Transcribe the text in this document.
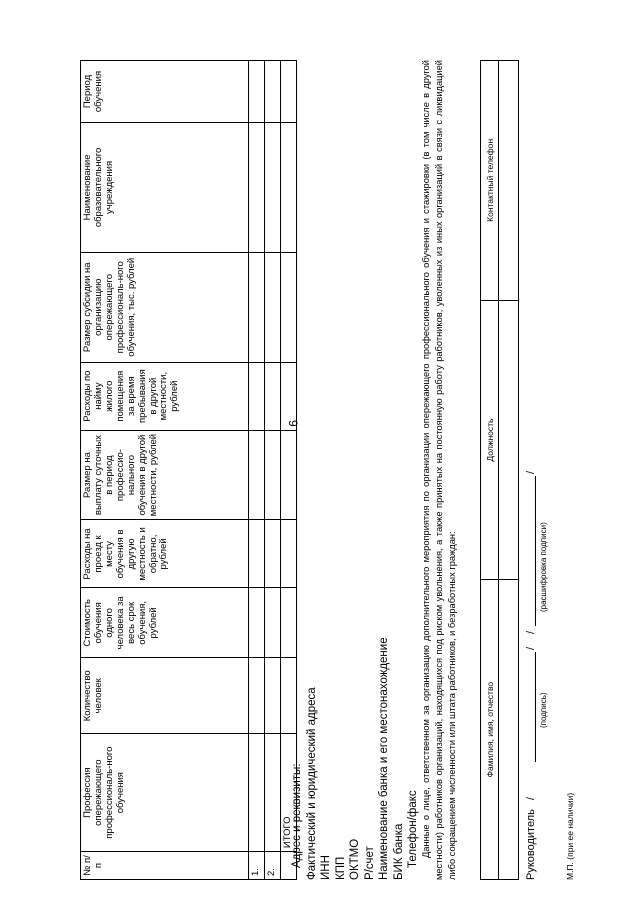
9
№ п/п	Профессия опережающего профессиональ-ного обучения	Количество человек	Стоимость обучения одного человека за весь срок обучения, рублей	Расходы на проезд к месту обучения в другую местность и обратно, рублей	Размер на выплату суточных в период профессио-нального обучения в другой местности, рублей	Расходы по найму жилого помещения за время пребывания в другой местности, рублей	Размер субсидии на организацию опережающего профессиональ-ного обучения, тыс. рублей	Наименование образовательного учреждения	Период обучения
1.									
2.									
	ИТОГО								
Адрес и реквизиты: Фактический и юридический адреса ИНН КПП ОКТМО Р/счет Наименование банка и его местонахождение БИК банка Телефон/факс Данные о лице, ответственном за организацию дополнительного мероприятия по организации опережающего профессионального обучения и стажировки (в том числе в другой местности) работников организаций, находящихся под риском увольнения, а также принятых на постоянную работу работников, уволенных из иных организаций в связи с ликвидацией либо сокращением численности или штата работников, и безработных граждан:	Фамилия, имя, отчество	Должность	Контактный телефон

Руководитель /
/
/
/
(подпись)
(расшифровка подписи)
М.П. (при ее наличии)
